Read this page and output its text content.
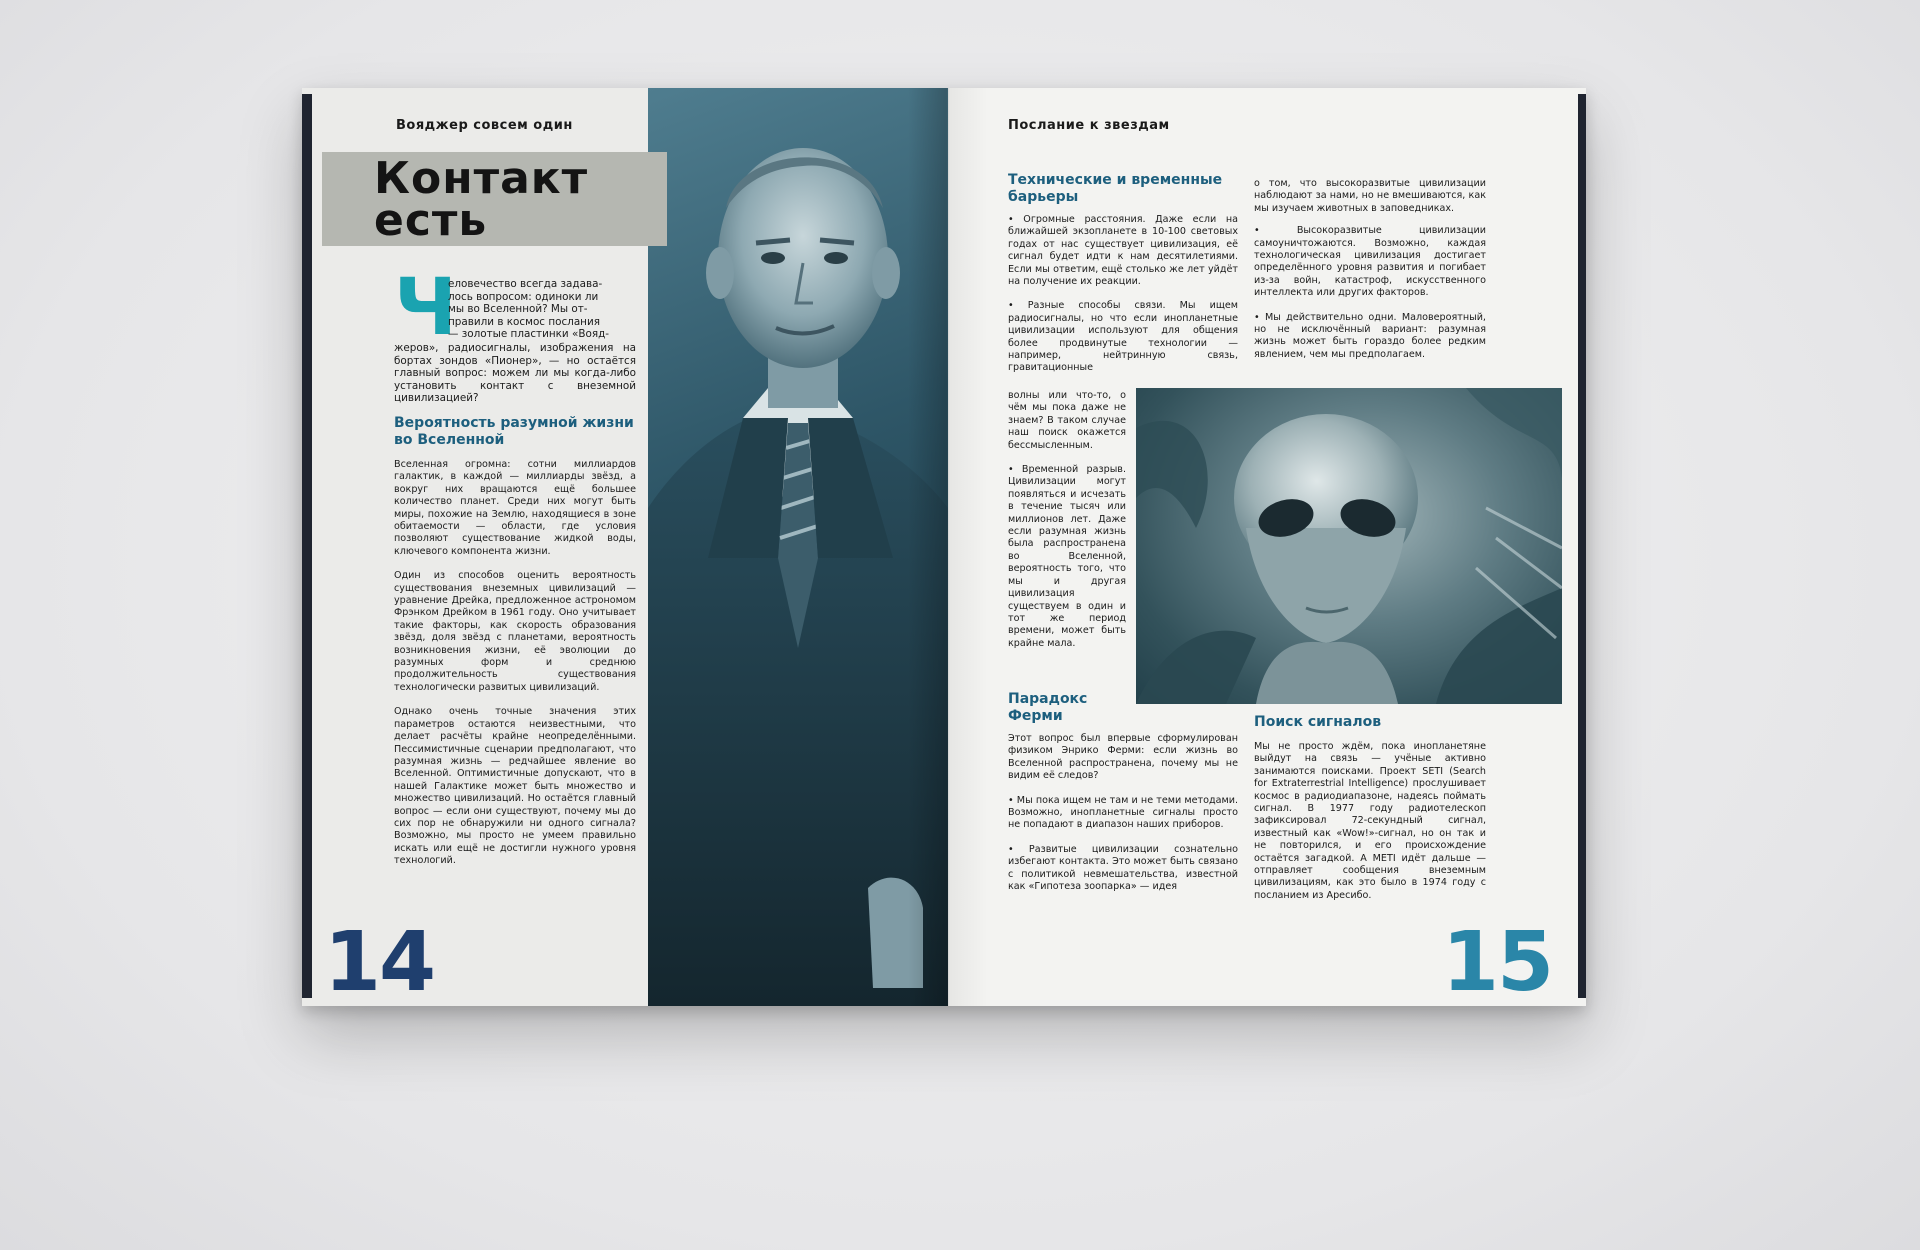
Вояджер совсем один
Контакт
есть
Ч

еловечество всегда задава-

лось вопросом: одиноки ли

мы во Вселенной? Мы от-

правили в космос послания

— золотые пластинки «Вояд-

жеров», радиосигналы, изображения на бортах зондов «Пионер», — но остаётся главный вопрос: можем ли мы когда-либо установить контакт с внеземной цивилизацией?

Вероятность разумной жизни во Вселенной

Вселенная огромна: сотни миллиардов галактик, в каждой — миллиарды звёзд, а вокруг них вращаются ещё большее количество планет. Среди них могут быть миры, похожие на Землю, находящиеся в зоне обитаемости — области, где условия позволяют существование жидкой воды, ключевого компонента жизни.

Один из способов оценить вероятность существования внеземных цивилизаций — уравнение Дрейка, предложенное астрономом Фрэнком Дрейком в 1961 году. Оно учитывает такие факторы, как скорость образования звёзд, доля звёзд с планетами, вероятность возникновения жизни, её эволюции до разумных форм и среднюю продолжительность существования технологически развитых цивилизаций.

Однако очень точные значения этих параметров остаются неизвестными, что делает расчёты крайне неопределёнными. Пессимистичные сценарии предполагают, что разумная жизнь — редчайшее явление во Вселенной. Оптимистичные допускают, что в нашей Галактике может быть множество и множество цивилизаций. Но остаётся главный вопрос — если они существуют, почему мы до сих пор не обнаружили ни одного сигнала? Возможно, мы просто не умеем правильно искать или ещё не достигли нужного уровня технологий.

14
Послание к звездам

Технические и временные барьеры

• Огромные расстояния. Даже если на ближайшей экзопланете в 10-100 световых годах от нас существует цивилизация, её сигнал будет идти к нам десятилетиями. Если мы ответим, ещё столько же лет уйдёт на получение их реакции.

• Разные способы связи. Мы ищем радиосигналы, но что если инопланетные цивилизации используют для общения более продвинутые технологии — например, нейтринную связь, гравитационные

волны или что-то, о чём мы пока даже не знаем? В таком случае наш поиск окажется бессмысленным.

• Временной разрыв. Цивилизации могут появляться и исчезать в течение тысяч или миллионов лет. Даже если разумная жизнь была распространена во Вселенной, вероятность того, что мы и другая цивилизация существуем в один и тот же период времени, может быть крайне мала.

Парадокс Ферми

Этот вопрос был впервые сформулирован физиком Энрико Ферми: если жизнь во Вселенной распространена, почему мы не видим её следов?

• Мы пока ищем не там и не теми методами. Возможно, инопланетные сигналы просто не попадают в диапазон наших приборов.

• Развитые цивилизации сознательно избегают контакта. Это может быть связано с политикой невмешательства, известной как «Гипотеза зоопарка» — идея

о том, что высокоразвитые цивилизации наблюдают за нами, но не вмешиваются, как мы изучаем животных в заповедниках.

• Высокоразвитые цивилизации самоуничтожаются. Возможно, каждая технологическая цивилизация достигает определённого уровня развития и погибает из-за войн, катастроф, искусственного интеллекта или других факторов.

• Мы действительно одни. Маловероятный, но не исключённый вариант: разумная жизнь может быть гораздо более редким явлением, чем мы предполагаем.

Поиск сигналов

Мы не просто ждём, пока инопланетяне выйдут на связь — учёные активно занимаются поисками. Проект SETI (Search for Extraterrestrial Intelligence) прослушивает космос в радиодиапазоне, надеясь поймать сигнал. В 1977 году радиотелескоп зафиксировал 72-секундный сигнал, известный как «Wow!»-сигнал, но он так и не повторился, и его происхождение остаётся загадкой. А METI идёт дальше — отправляет сообщения внеземным цивилизациям, как это было в 1974 году с посланием из Аресибо.

15
